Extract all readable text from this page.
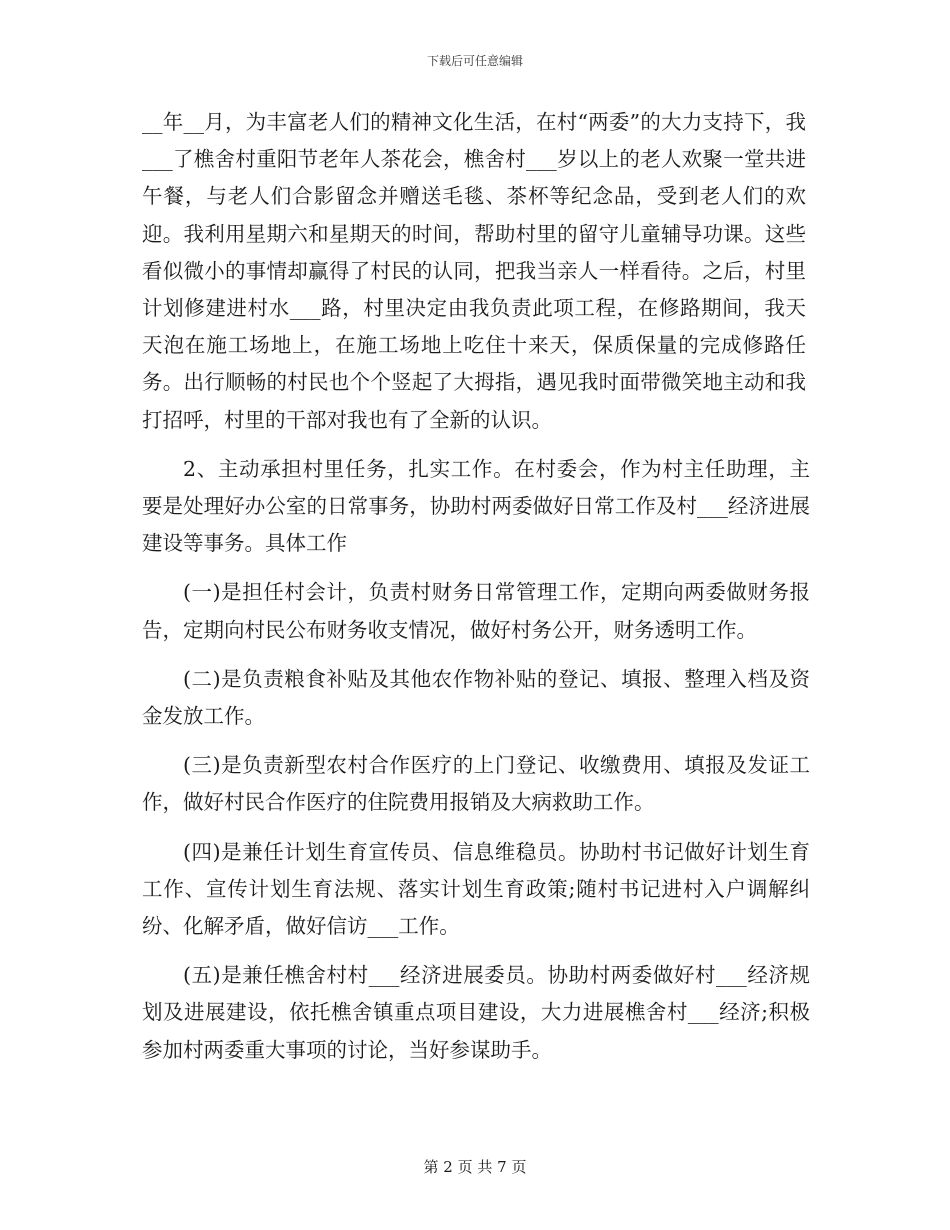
下载后可任意编辑

__年__月，为丰富老人们的精神文化生活，在村“两委”的大力支持下，我___了樵舍村重阳节老年人茶花会，樵舍村___岁以上的老人欢聚一堂共进午餐，与老人们合影留念并赠送毛毯、茶杯等纪念品，受到老人们的欢迎。我利用星期六和星期天的时间，帮助村里的留守儿童辅导功课。这些看似微小的事情却赢得了村民的认同，把我当亲人一样看待。之后，村里计划修建进村水___路，村里决定由我负责此项工程，在修路期间，我天天泡在施工场地上，在施工场地上吃住十来天，保质保量的完成修路任务。出行顺畅的村民也个个竖起了大拇指，遇见我时面带微笑地主动和我打招呼，村里的干部对我也有了全新的认识。

2、主动承担村里任务，扎实工作。在村委会，作为村主任助理，主要是处理好办公室的日常事务，协助村两委做好日常工作及村___经济进展建设等事务。具体工作

(一)是担任村会计，负责村财务日常管理工作，定期向两委做财务报告，定期向村民公布财务收支情况，做好村务公开，财务透明工作。

(二)是负责粮食补贴及其他农作物补贴的登记、填报、整理入档及资金发放工作。

(三)是负责新型农村合作医疗的上门登记、收缴费用、填报及发证工作，做好村民合作医疗的住院费用报销及大病救助工作。

(四)是兼任计划生育宣传员、信息维稳员。协助村书记做好计划生育工作、宣传计划生育法规、落实计划生育政策;随村书记进村入户调解纠纷、化解矛盾，做好信访___工作。

(五)是兼任樵舍村村___经济进展委员。协助村两委做好村___经济规划及进展建设，依托樵舍镇重点项目建设，大力进展樵舍村___经济;积极参加村两委重大事项的讨论，当好参谋助手。

第 2 页 共 7 页
